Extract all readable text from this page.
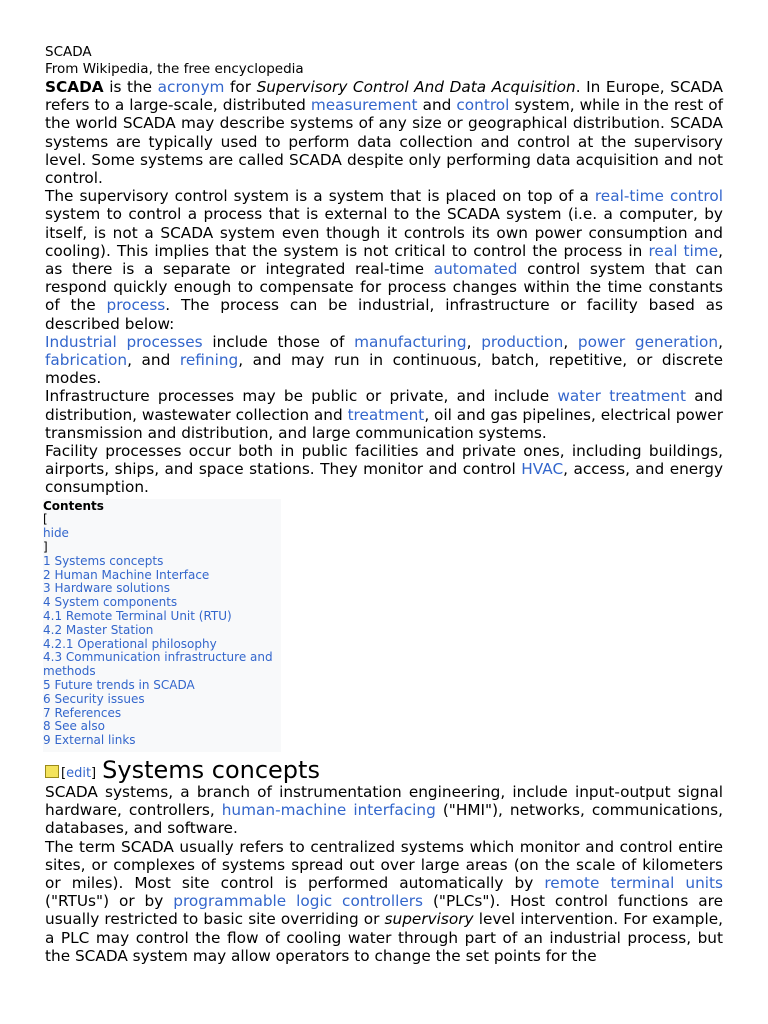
SCADA
From Wikipedia, the free encyclopedia

SCADA is the acronym for Supervisory Control And Data Acquisition. In Europe, SCADA refers to a large-scale, distributed measurement and control system, while in the rest of the world SCADA may describe systems of any size or geographical distribution. SCADA systems are typically used to perform data collection and control at the supervisory level. Some systems are called SCADA despite only performing data acquisition and not control.

The supervisory control system is a system that is placed on top of a real-time control system to control a process that is external to the SCADA system (i.e. a computer, by itself, is not a SCADA system even though it controls its own power consumption and cooling). This implies that the system is not critical to control the process in real time, as there is a separate or integrated real-time automated control system that can respond quickly enough to compensate for process changes within the time constants of the process. The process can be industrial, infrastructure or facility based as described below:

Industrial processes include those of manufacturing, production, power generation, fabrication, and refining, and may run in continuous, batch, repetitive, or discrete modes.

Infrastructure processes may be public or private, and include water treatment and distribution, wastewater collection and treatment, oil and gas pipelines, electrical power transmission and distribution, and large communication systems.

Facility processes occur both in public facilities and private ones, including buildings, airports, ships, and space stations. They monitor and control HVAC, access, and energy consumption.

Contents
[
hide
]
1 Systems concepts
2 Human Machine Interface
3 Hardware solutions
4 System components
4.1 Remote Terminal Unit (RTU)
4.2 Master Station
4.2.1 Operational philosophy
4.3 Communication infrastructure and methods
5 Future trends in SCADA
6 Security issues
7 References
8 See also
9 External links
[edit] Systems concepts

SCADA systems, a branch of instrumentation engineering, include input-output signal hardware, controllers, human-machine interfacing ("HMI"), networks, communications, databases, and software.

The term SCADA usually refers to centralized systems which monitor and control entire sites, or complexes of systems spread out over large areas (on the scale of kilometers or miles). Most site control is performed automatically by remote terminal units ("RTUs") or by programmable logic controllers ("PLCs"). Host control functions are usually restricted to basic site overriding or supervisory level intervention. For example, a PLC may control the flow of cooling water through part of an industrial process, but the SCADA system may allow operators to change the set points for the
